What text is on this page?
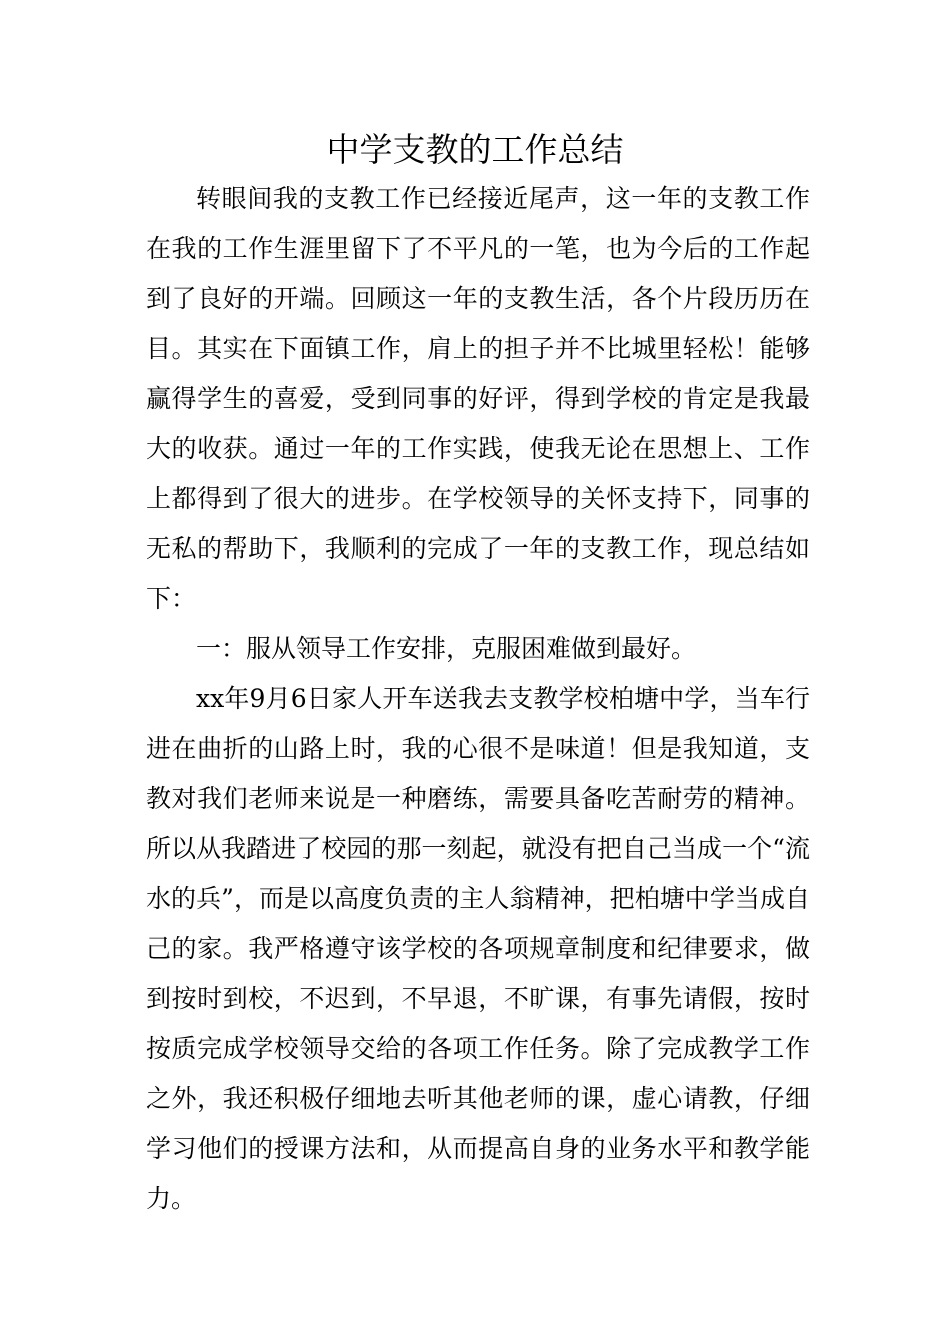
中学支教的工作总结

转眼间我的支教工作已经接近尾声，这一年的支教工作在我的工作生涯里留下了不平凡的一笔，也为今后的工作起到了良好的开端。回顾这一年的支教生活，各个片段历历在目。其实在下面镇工作，肩上的担子并不比城里轻松！能够赢得学生的喜爱，受到同事的好评，得到学校的肯定是我最大的收获。通过一年的工作实践，使我无论在思想上、工作上都得到了很大的进步。在学校领导的关怀支持下，同事的无私的帮助下，我顺利的完成了一年的支教工作，现总结如下：

一：服从领导工作安排，克服困难做到最好。

xx年9月6日家人开车送我去支教学校柏塘中学，当车行进在曲折的山路上时，我的心很不是味道！但是我知道，支教对我们老师来说是一种磨练，需要具备吃苦耐劳的精神。所以从我踏进了校园的那一刻起，就没有把自己当成一个“流水的兵”，而是以高度负责的主人翁精神，把柏塘中学当成自己的家。我严格遵守该学校的各项规章制度和纪律要求，做到按时到校，不迟到，不早退，不旷课，有事先请假，按时按质完成学校领导交给的各项工作任务。除了完成教学工作之外，我还积极仔细地去听其他老师的课，虚心请教，仔细学习他们的授课方法和，从而提高自身的业务水平和教学能力。
